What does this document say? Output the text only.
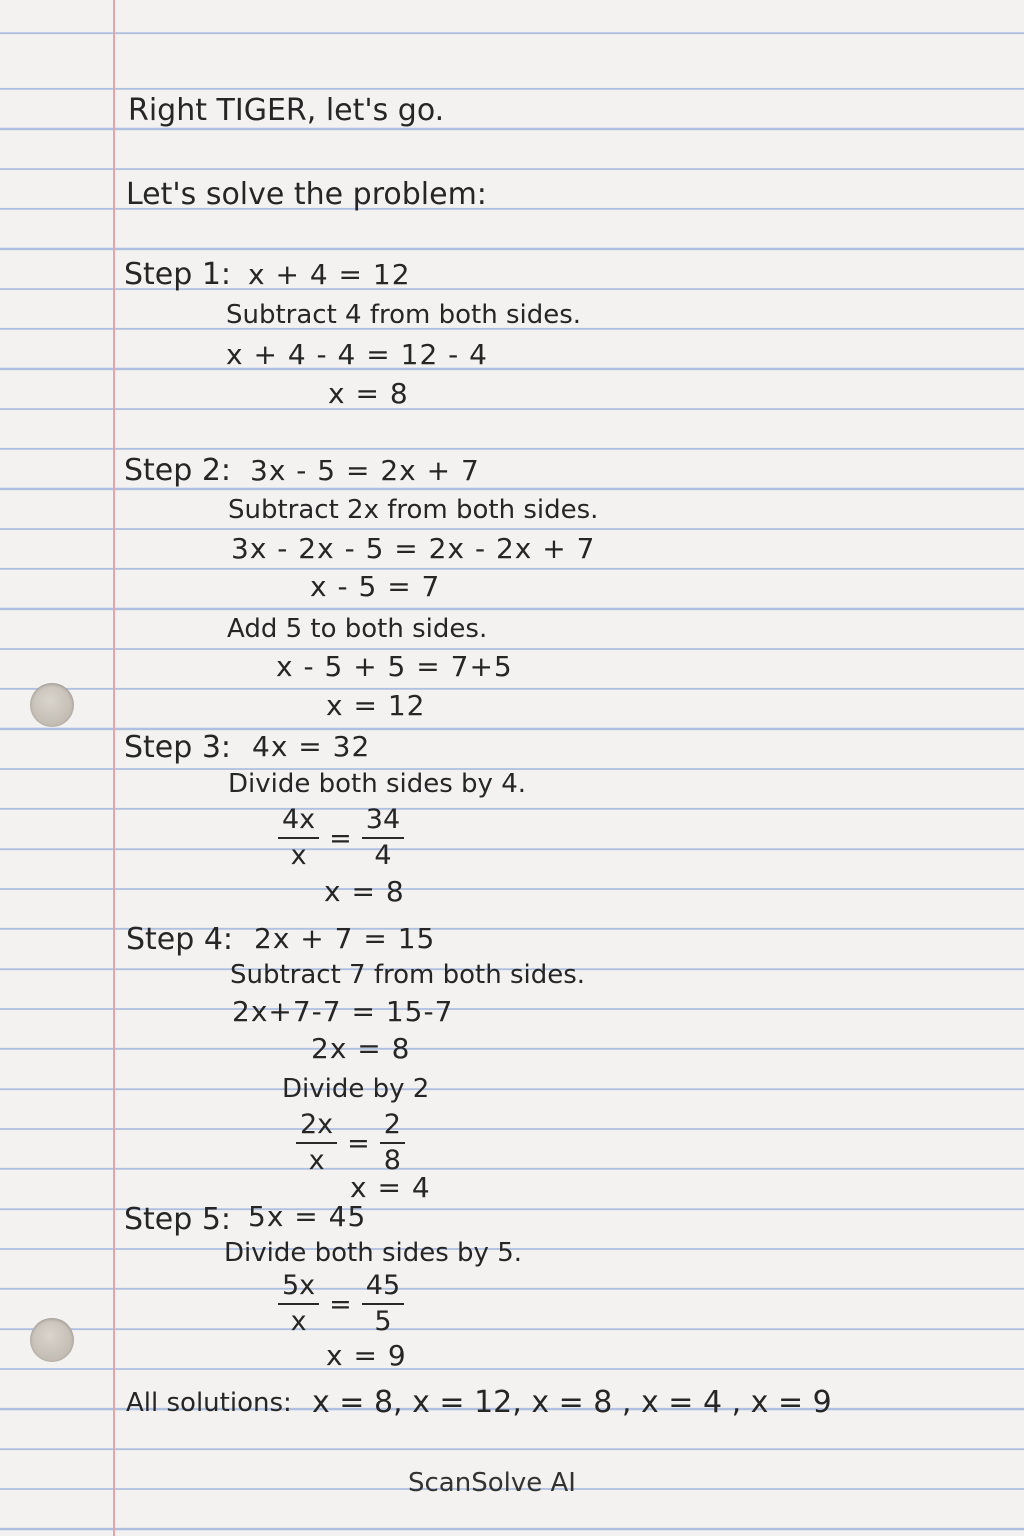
Right TIGER, let's go.
Let's solve the problem:
Step 1: x + 4 = 12
Subtract 4 from both sides.
x + 4 - 4 = 12 - 4
x = 8
Step 2: 3x - 5 = 2x + 7
Subtract 2x from both sides.
3x - 2x - 5 = 2x - 2x + 7
x - 5 = 7
Add 5 to both sides.
x - 5 + 5 = 7+5
x = 12
Step 3: 4x = 32
Divide both sides by 4.
$\frac{4x}{x} = \frac{34}{4}$
x = 8
Step 4: 2x + 7 = 15
Subtract 7 from both sides.
2x+7-7 = 15-7
2x = 8
Divide by 2
$\frac{2x}{x} = \frac{2}{8}$
x = 4
Step 5: 5x = 45
Divide both sides by 5.
$\frac{5x}{x} = \frac{45}{5}$
x = 9
All solutions: x = 8, x = 12, x = 8 , x = 4 , x = 9
ScanSolve AI
